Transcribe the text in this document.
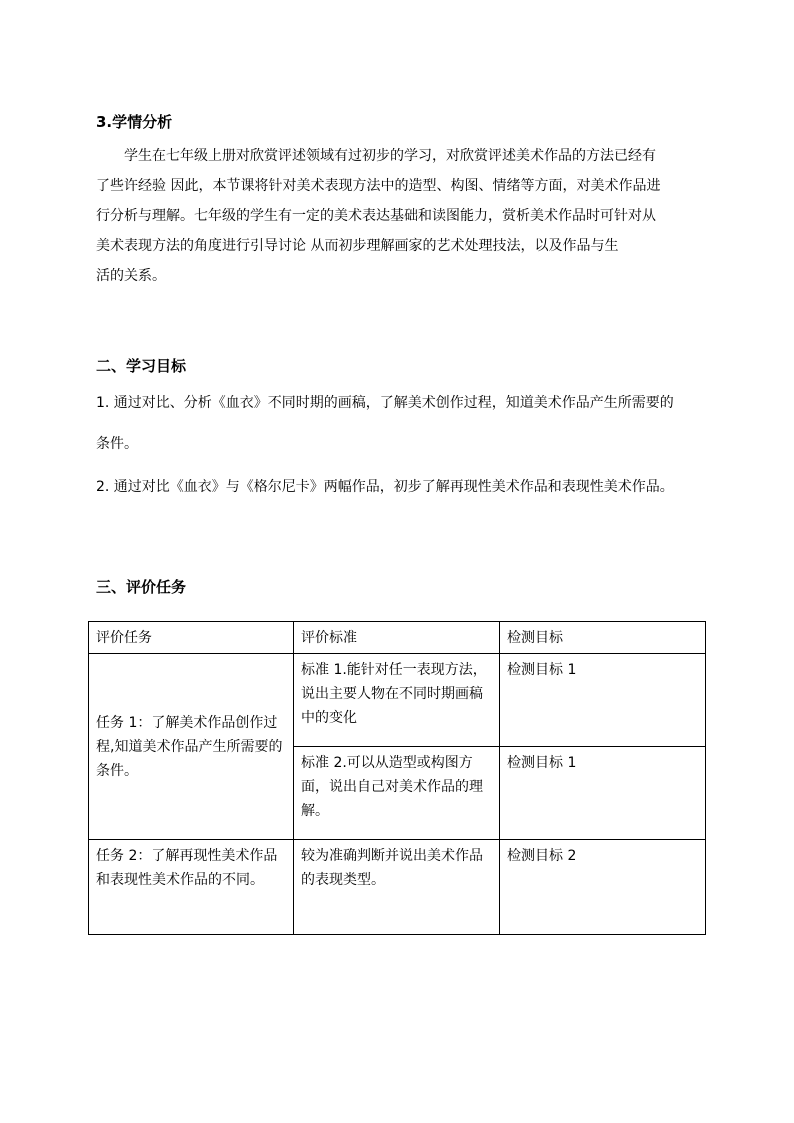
3.学情分析
学生在七年级上册对欣赏评述领域有过初步的学习，对欣赏评述美术作品的方法已经有
了些许经验 因此，本节课将针对美术表现方法中的造型、构图、情绪等方面，对美术作品进
行分析与理解。七年级的学生有一定的美术表达基础和读图能力，赏析美术作品时可针对从
美术表现方法的角度进行引导讨论 从而初步理解画家的艺术处理技法，以及作品与生
活的关系。
二、学习目标
1. 通过对比、分析《血衣》不同时期的画稿，了解美术创作过程，知道美术作品产生所需要的
条件。
2. 通过对比《血衣》与《格尔尼卡》两幅作品，初步了解再现性美术作品和表现性美术作品。
三、评价任务
评价任务	评价标准	检测目标
任务 1：了解美术作品创作过程,知道美术作品产生所需要的条件。	标准 1.能针对任一表现方法，说出主要人物在不同时期画稿中的变化	检测目标 1
	标准 2.可以从造型或构图方面，说出自己对美术作品的理解。	检测目标 1
任务 2：了解再现性美术作品和表现性美术作品的不同。	较为准确判断并说出美术作品的表现类型。	检测目标 2
